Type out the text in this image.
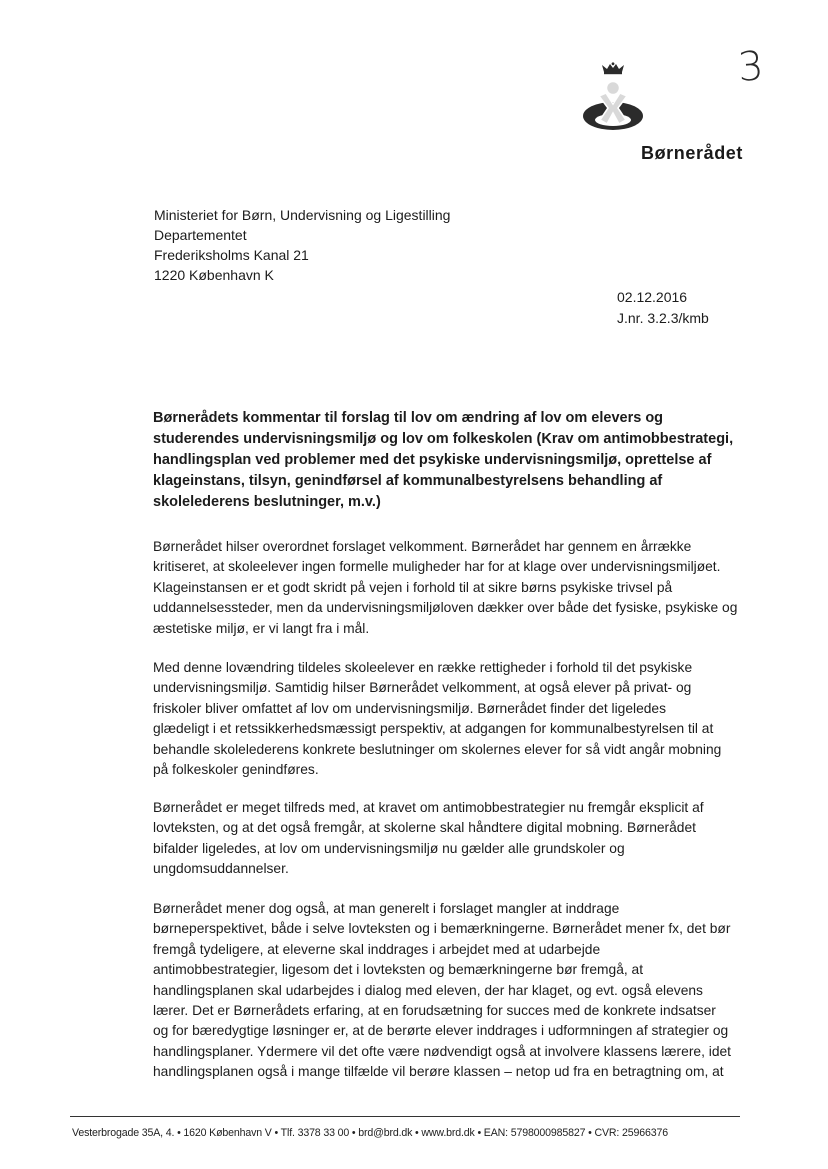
3
Børnerådet
Ministeriet for Børn, Undervisning og Ligestilling
Departementet
Frederiksholms Kanal 21
1220 København K
02.12.2016
J.nr. 3.2.3/kmb
Børnerådets kommentar til forslag til lov om ændring af lov om elevers og
studerendes undervisningsmiljø og lov om folkeskolen (Krav om antimobbestrategi,
handlingsplan ved problemer med det psykiske undervisningsmiljø, oprettelse af
klageinstans, tilsyn, genindførsel af kommunalbestyrelsens behandling af
skolelederens beslutninger, m.v.)
Børnerådet hilser overordnet forslaget velkomment. Børnerådet har gennem en årrække
kritiseret, at skoleelever ingen formelle muligheder har for at klage over undervisningsmiljøet.
Klageinstansen er et godt skridt på vejen i forhold til at sikre børns psykiske trivsel på
uddannelsessteder, men da undervisningsmiljøloven dækker over både det fysiske, psykiske og
æstetiske miljø, er vi langt fra i mål.
Med denne lovændring tildeles skoleelever en række rettigheder i forhold til det psykiske
undervisningsmiljø. Samtidig hilser Børnerådet velkomment, at også elever på privat- og
friskoler bliver omfattet af lov om undervisningsmiljø. Børnerådet finder det ligeledes
glædeligt i et retssikkerhedsmæssigt perspektiv, at adgangen for kommunalbestyrelsen til at
behandle skolelederens konkrete beslutninger om skolernes elever for så vidt angår mobning
på folkeskoler genindføres.
Børnerådet er meget tilfreds med, at kravet om antimobbestrategier nu fremgår eksplicit af
lovteksten, og at det også fremgår, at skolerne skal håndtere digital mobning. Børnerådet
bifalder ligeledes, at lov om undervisningsmiljø nu gælder alle grundskoler og
ungdomsuddannelser.
Børnerådet mener dog også, at man generelt i forslaget mangler at inddrage
børneperspektivet, både i selve lovteksten og i bemærkningerne. Børnerådet mener fx, det bør
fremgå tydeligere, at eleverne skal inddrages i arbejdet med at udarbejde
antimobbestrategier, ligesom det i lovteksten og bemærkningerne bør fremgå, at
handlingsplanen skal udarbejdes i dialog med eleven, der har klaget, og evt. også elevens
lærer. Det er Børnerådets erfaring, at en forudsætning for succes med de konkrete indsatser
og for bæredygtige løsninger er, at de berørte elever inddrages i udformningen af strategier og
handlingsplaner. Ydermere vil det ofte være nødvendigt også at involvere klassens lærere, idet
handlingsplanen også i mange tilfælde vil berøre klassen – netop ud fra en betragtning om, at
Vesterbrogade 35A, 4. • 1620 København V • Tlf. 3378 33 00 • brd@brd.dk • www.brd.dk • EAN: 5798000985827 • CVR: 25966376
